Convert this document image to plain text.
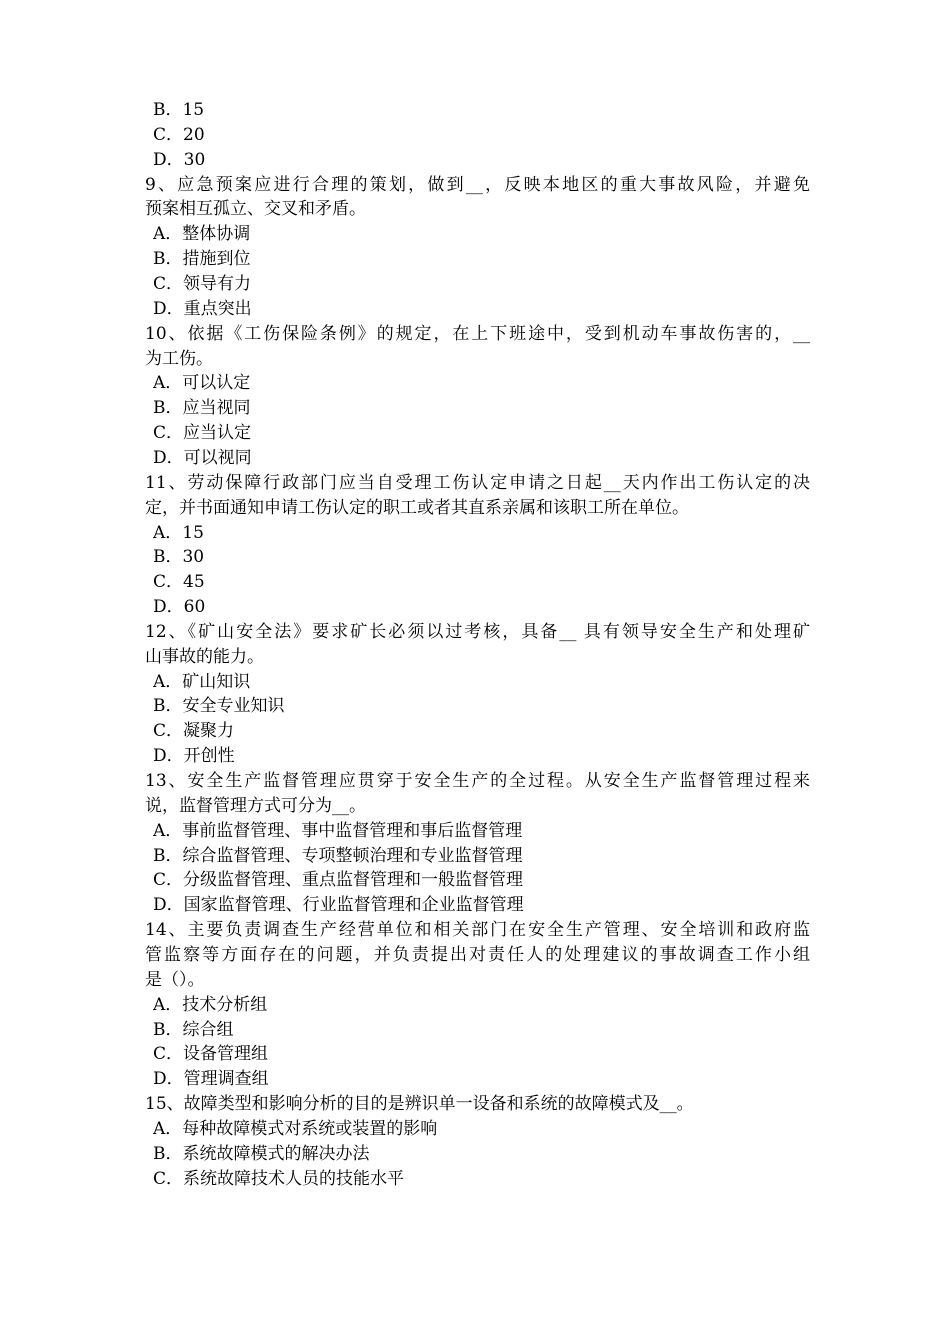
B．15
C．20
D．30
9、应急预案应进行合理的策划，做到__，反映本地区的重大事故风险，并避免
预案相互孤立、交叉和矛盾。
A．整体协调
B．措施到位
C．领导有力
D．重点突出
10、依据《工伤保险条例》的规定，在上下班途中，受到机动车事故伤害的，__
为工伤。
A．可以认定
B．应当视同
C．应当认定
D．可以视同
11、劳动保障行政部门应当自受理工伤认定申请之日起__天内作出工伤认定的决
定，并书面通知申请工伤认定的职工或者其直系亲属和该职工所在单位。
A．15
B．30
C．45
D．60
12、《矿山安全法》要求矿长必须以过考核，具备__ 具有领导安全生产和处理矿
山事故的能力。
A．矿山知识
B．安全专业知识
C．凝聚力
D．开创性
13、安全生产监督管理应贯穿于安全生产的全过程。从安全生产监督管理过程来
说，监督管理方式可分为__。
A．事前监督管理、事中监督管理和事后监督管理
B．综合监督管理、专项整顿治理和专业监督管理
C．分级监督管理、重点监督管理和一般监督管理
D．国家监督管理、行业监督管理和企业监督管理
14、主要负责调查生产经营单位和相关部门在安全生产管理、安全培训和政府监
管监察等方面存在的问题，并负责提出对责任人的处理建议的事故调查工作小组
是（）。
A．技术分析组
B．综合组
C．设备管理组
D．管理调查组
15、故障类型和影响分析的目的是辨识单一设备和系统的故障模式及__。
A．每种故障模式对系统或装置的影响
B．系统故障模式的解决办法
C．系统故障技术人员的技能水平
